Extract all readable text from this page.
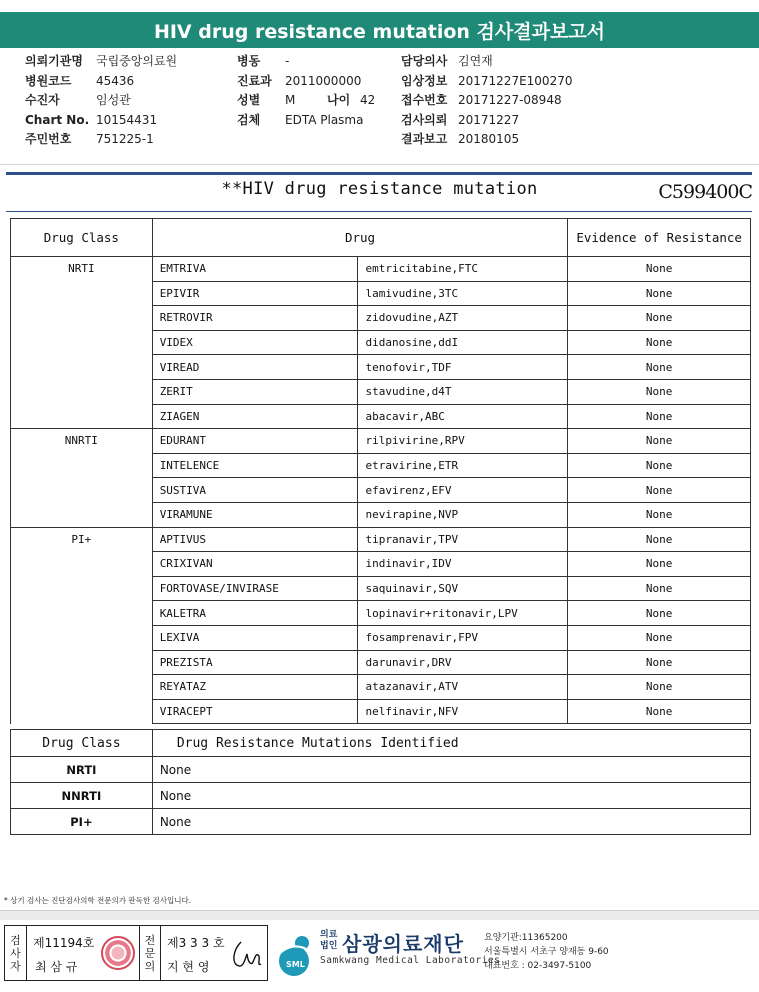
HIV drug resistance mutation 검사결과보고서
의뢰기관명 국립중앙의료원
병원코드 45436
수진자	임성관
Chart No. 10154431
주민번호 751225-1
병동 -
진료과 2011000000
성별 M	나이 42
검체 EDTA Plasma
담당의사 김연재
임상정보 20171227E100270
접수번호 20171227-08948
검사의뢰 20171227
결과보고 20180105
**HIV drug resistance mutation	C599400C
Drug Class	Drug		Evidence of Resistance
NRTI	EMTRIVA	emtricitabine,FTC	None
	EPIVIR	lamivudine,3TC	None
	RETROVIR	zidovudine,AZT	None
	VIDEX	didanosine,ddI	None
	VIREAD	tenofovir,TDF	None
	ZERIT	stavudine,d4T	None
	ZIAGEN	abacavir,ABC	None
NNRTI	EDURANT	rilpivirine,RPV	None
	INTELENCE	etravirine,ETR	None
	SUSTIVA	efavirenz,EFV	None
	VIRAMUNE	nevirapine,NVP	None
PI+	APTIVUS	tipranavir,TPV	None
	CRIXIVAN	indinavir,IDV	None
	FORTOVASE/INVIRASE	saquinavir,SQV	None
	KALETRA	lopinavir+ritonavir,LPV	None
	LEXIVA	fosamprenavir,FPV	None
	PREZISTA	darunavir,DRV	None
	REYATAZ	atazanavir,ATV	None
	VIRACEPT	nelfinavir,NFV	None
Drug Class	Drug Resistance Mutations Identified
NRTI	None
NNRTI	None
PI+	None
* 상기 검사는 진단검사의학 전문의가 판독한 검사입니다.
검
사
자
제11194호
최 삼 규
전
문
의
제3 3 3 호
지 현 영	SML
의료
법인 삼광의료재단
Samkwang Medical Laboratories
요양기관:11365200
서울특별시 서초구 양재동 9-60
대표번호 : 02-3497-5100
